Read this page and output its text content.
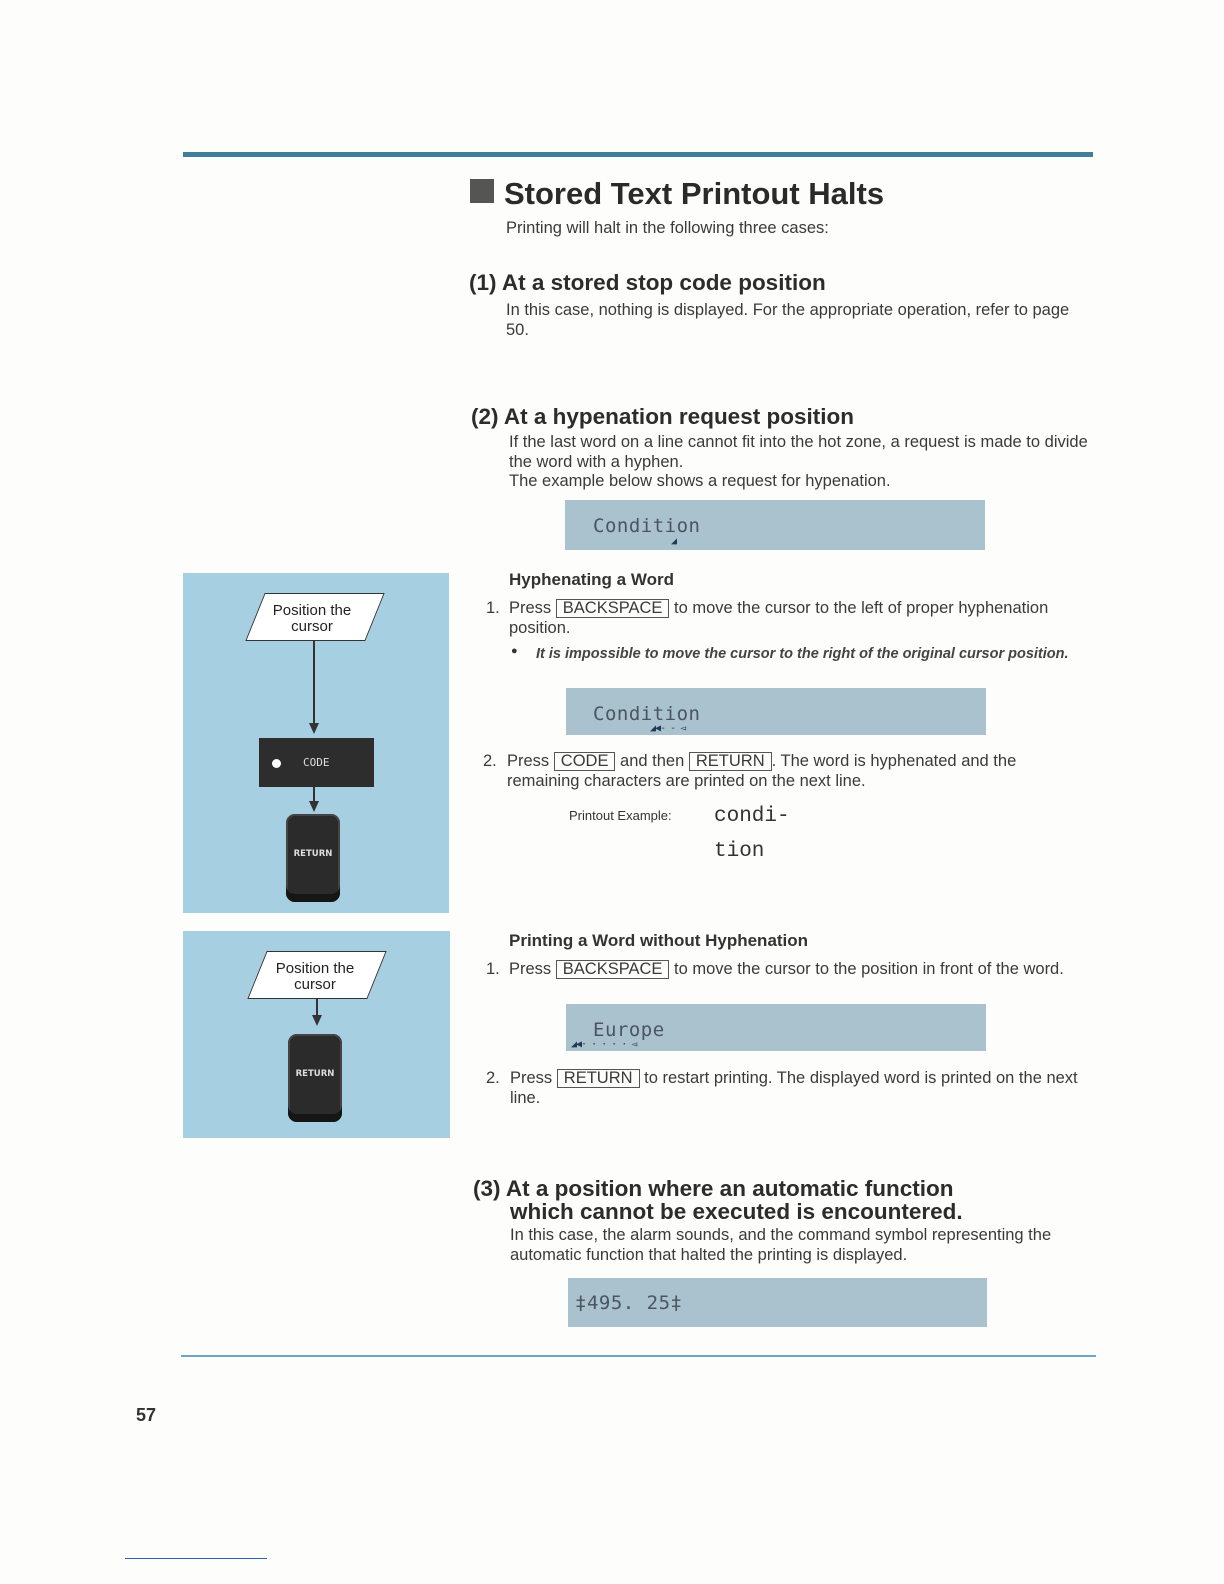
Stored Text Printout Halts
Printing will halt in the following three cases:
(1) At a stored stop code position
In this case, nothing is displayed. For the appropriate operation, refer to page 50.
(2) At a hypenation request position
If the last word on a line cannot fit into the hot zone, a request is made to divide the word with a hyphen.
The example below shows a request for hypenation.
Condition
◢
Hyphenating a Word
1. Press BACKSPACE to move the cursor to the left of proper hyphenation position.
● It is impossible to move the cursor to the right of the original cursor position.
Condition
◢◀- - ◅
2. Press CODE and then RETURN . The word is hyphenated and the remaining characters are printed on the next line.
Printout Example: condi-
tion
Printing a Word without Hyphenation
1. Press BACKSPACE to move the cursor to the position in front of the word.
Europe
◢◀· · · · · ◅
2. Press RETURN to restart printing. The displayed word is printed on the next line.
(3) At a position where an automatic function
which cannot be executed is encountered.
In this case, the alarm sounds, and the command symbol representing the automatic function that halted the printing is displayed.
‡495. 25‡
Position the cursor
CODE
RETURN
Position the cursor
RETURN
57
